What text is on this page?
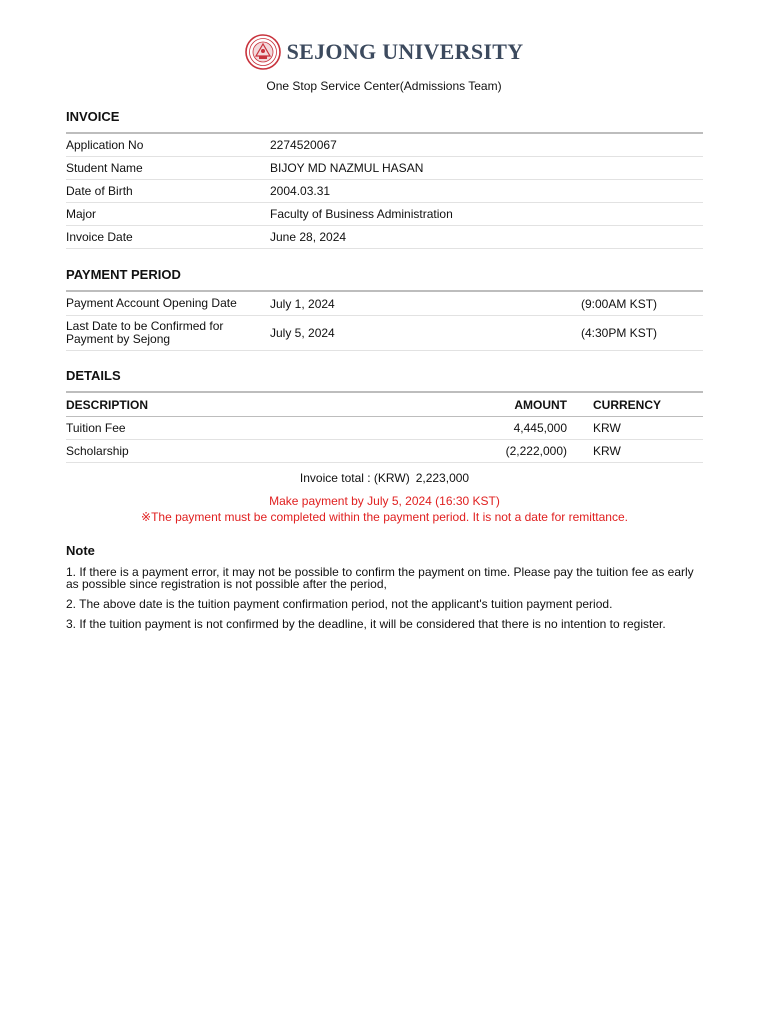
SEJONG UNIVERSITY
One Stop Service Center(Admissions Team)
INVOICE
Application No	2274520067
Student Name	BIJOY MD NAZMUL HASAN
Date of Birth	2004.03.31
Major	Faculty of Business Administration
Invoice Date	June 28, 2024
PAYMENT PERIOD
Payment Account Opening Date	July 1, 2024	(9:00AM KST)
Last Date to be Confirmed for Payment by Sejong	July 5, 2024	(4:30PM KST)
DETAILS
DESCRIPTION	AMOUNT		CURRENCY
Tuition Fee	4,445,000		KRW
Scholarship	(2,222,000)		KRW
Invoice total : (KRW) 2,223,000
Make payment by July 5, 2024 (16:30 KST)
※The payment must be completed within the payment period. It is not a date for remittance.
Note
1. If there is a payment error, it may not be possible to confirm the payment on time. Please pay the tuition fee as early as possible since registration is not possible after the period,
2. The above date is the tuition payment confirmation period, not the applicant's tuition payment period.
3. If the tuition payment is not confirmed by the deadline, it will be considered that there is no intention to register.
